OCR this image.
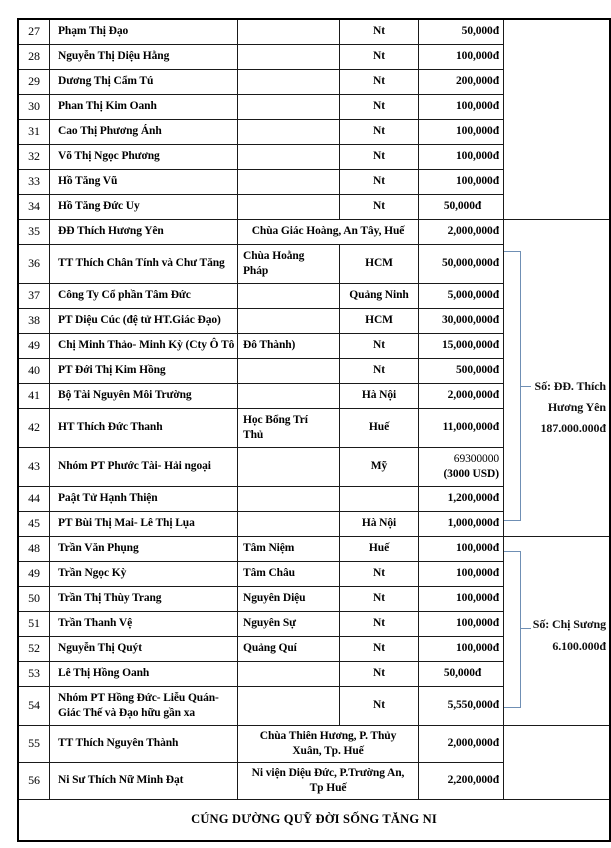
27	Phạm Thị Đạo		Nt	50,000đ	
28	Nguyễn Thị Diệu Hằng		Nt	100,000đ	
29	Dương Thị Cẩm Tú		Nt	200,000đ	
30	Phan Thị Kim Oanh		Nt	100,000đ	
31	Cao Thị Phương Ánh		Nt	100,000đ	
32	Võ Thị Ngọc Phương		Nt	100,000đ	
33	Hồ Tăng Vũ		Nt	100,000đ	
34	Hồ Tăng Đức Uy		Nt	50,000đ	
35	ĐĐ Thích Hương Yên	Chùa Giác Hoàng, An Tây, Huế		2,000,000đ	Số: ĐĐ. Thích
Hương Yên
187.000.000đ

36	TT Thích Chân Tính và Chư Tăng	Chùa Hoằng
Pháp	HCM	50,000,000đ	
37	Công Ty Cổ phần Tâm Đức		Quảng Ninh	5,000,000đ	
38	PT Diệu Cúc (đệ tử HT.Giác Đạo)		HCM	30,000,000đ	
49	Chị Minh Thảo- Minh Kỳ (Cty Ô Tô	Đô Thành)	Nt	15,000,000đ	
40	PT Đới Thị Kim Hồng		Nt	500,000đ	
41	Bộ Tài Nguyên Môi Trường		Hà Nội	2,000,000đ	
42	HT Thích Đức Thanh	Học Bổng Trí
Thủ	Huế	11,000,000đ	
43	Nhóm PT Phước Tài- Hải ngoại		Mỹ	69300000
(3000 USD)	

44	Paật Tử Hạnh Thiện			1,200,000đ	
45	PT Bùi Thị Mai- Lê Thị Lụa		Hà Nội	1,000,000đ	
48	Trần Văn Phụng	Tâm Niệm	Huế	100,000đ	Số: Chị Sương
6.100.000đ

49	Trần Ngọc Kỳ	Tâm Châu	Nt	100,000đ	
50	Trần Thị Thùy Trang	Nguyên Diệu	Nt	100,000đ	
51	Trần Thanh Vệ	Nguyên Sự	Nt	100,000đ	
52	Nguyễn Thị Quýt	Quảng Quí	Nt	100,000đ	
53	Lê Thị Hồng Oanh		Nt	50,000đ	
54	Nhóm PT Hồng Đức- Liễu Quán-
Giác Thế và Đạo hữu gần xa		Nt	5,550,000đ	
55	TT Thích Nguyên Thành	Chùa Thiên Hương, P. Thủy
Xuân, Tp. Huế		2,000,000đ	
56	Ni Sư Thích Nữ Minh Đạt	Ni viện Diệu Đức, P.Trường An,
Tp Huế		2,200,000đ	
CÚNG DƯỜNG QUỸ ĐỜI SỐNG TĂNG NI					
